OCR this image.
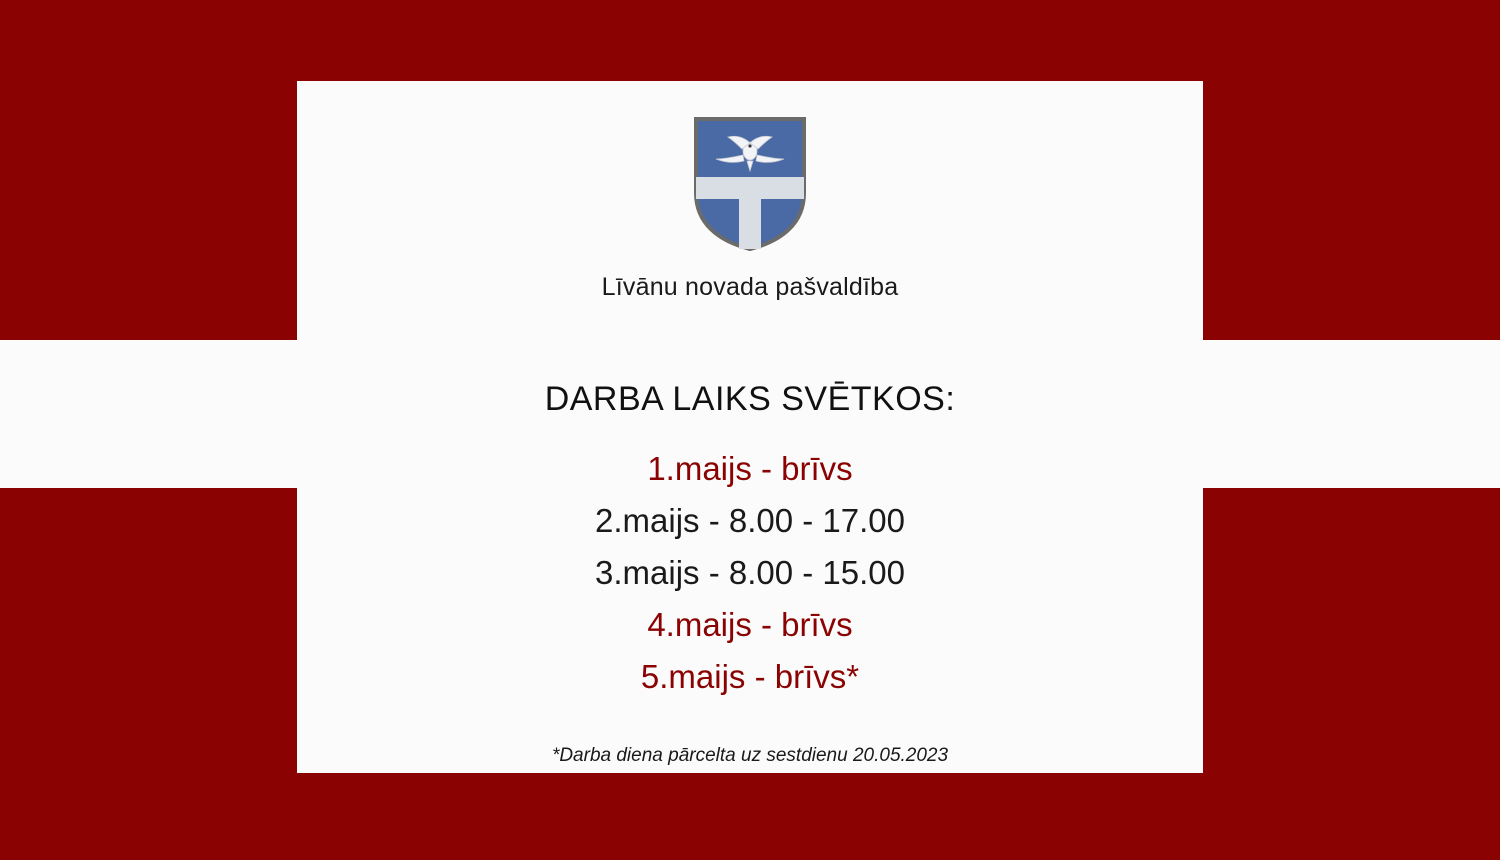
Līvānu novada pašvaldība
DARBA LAIKS SVĒTKOS:
1.maijs - brīvs
2.maijs - 8.00 - 17.00
3.maijs - 8.00 - 15.00
4.maijs - brīvs
5.maijs - brīvs*
*Darba diena pārcelta uz sestdienu 20.05.2023
